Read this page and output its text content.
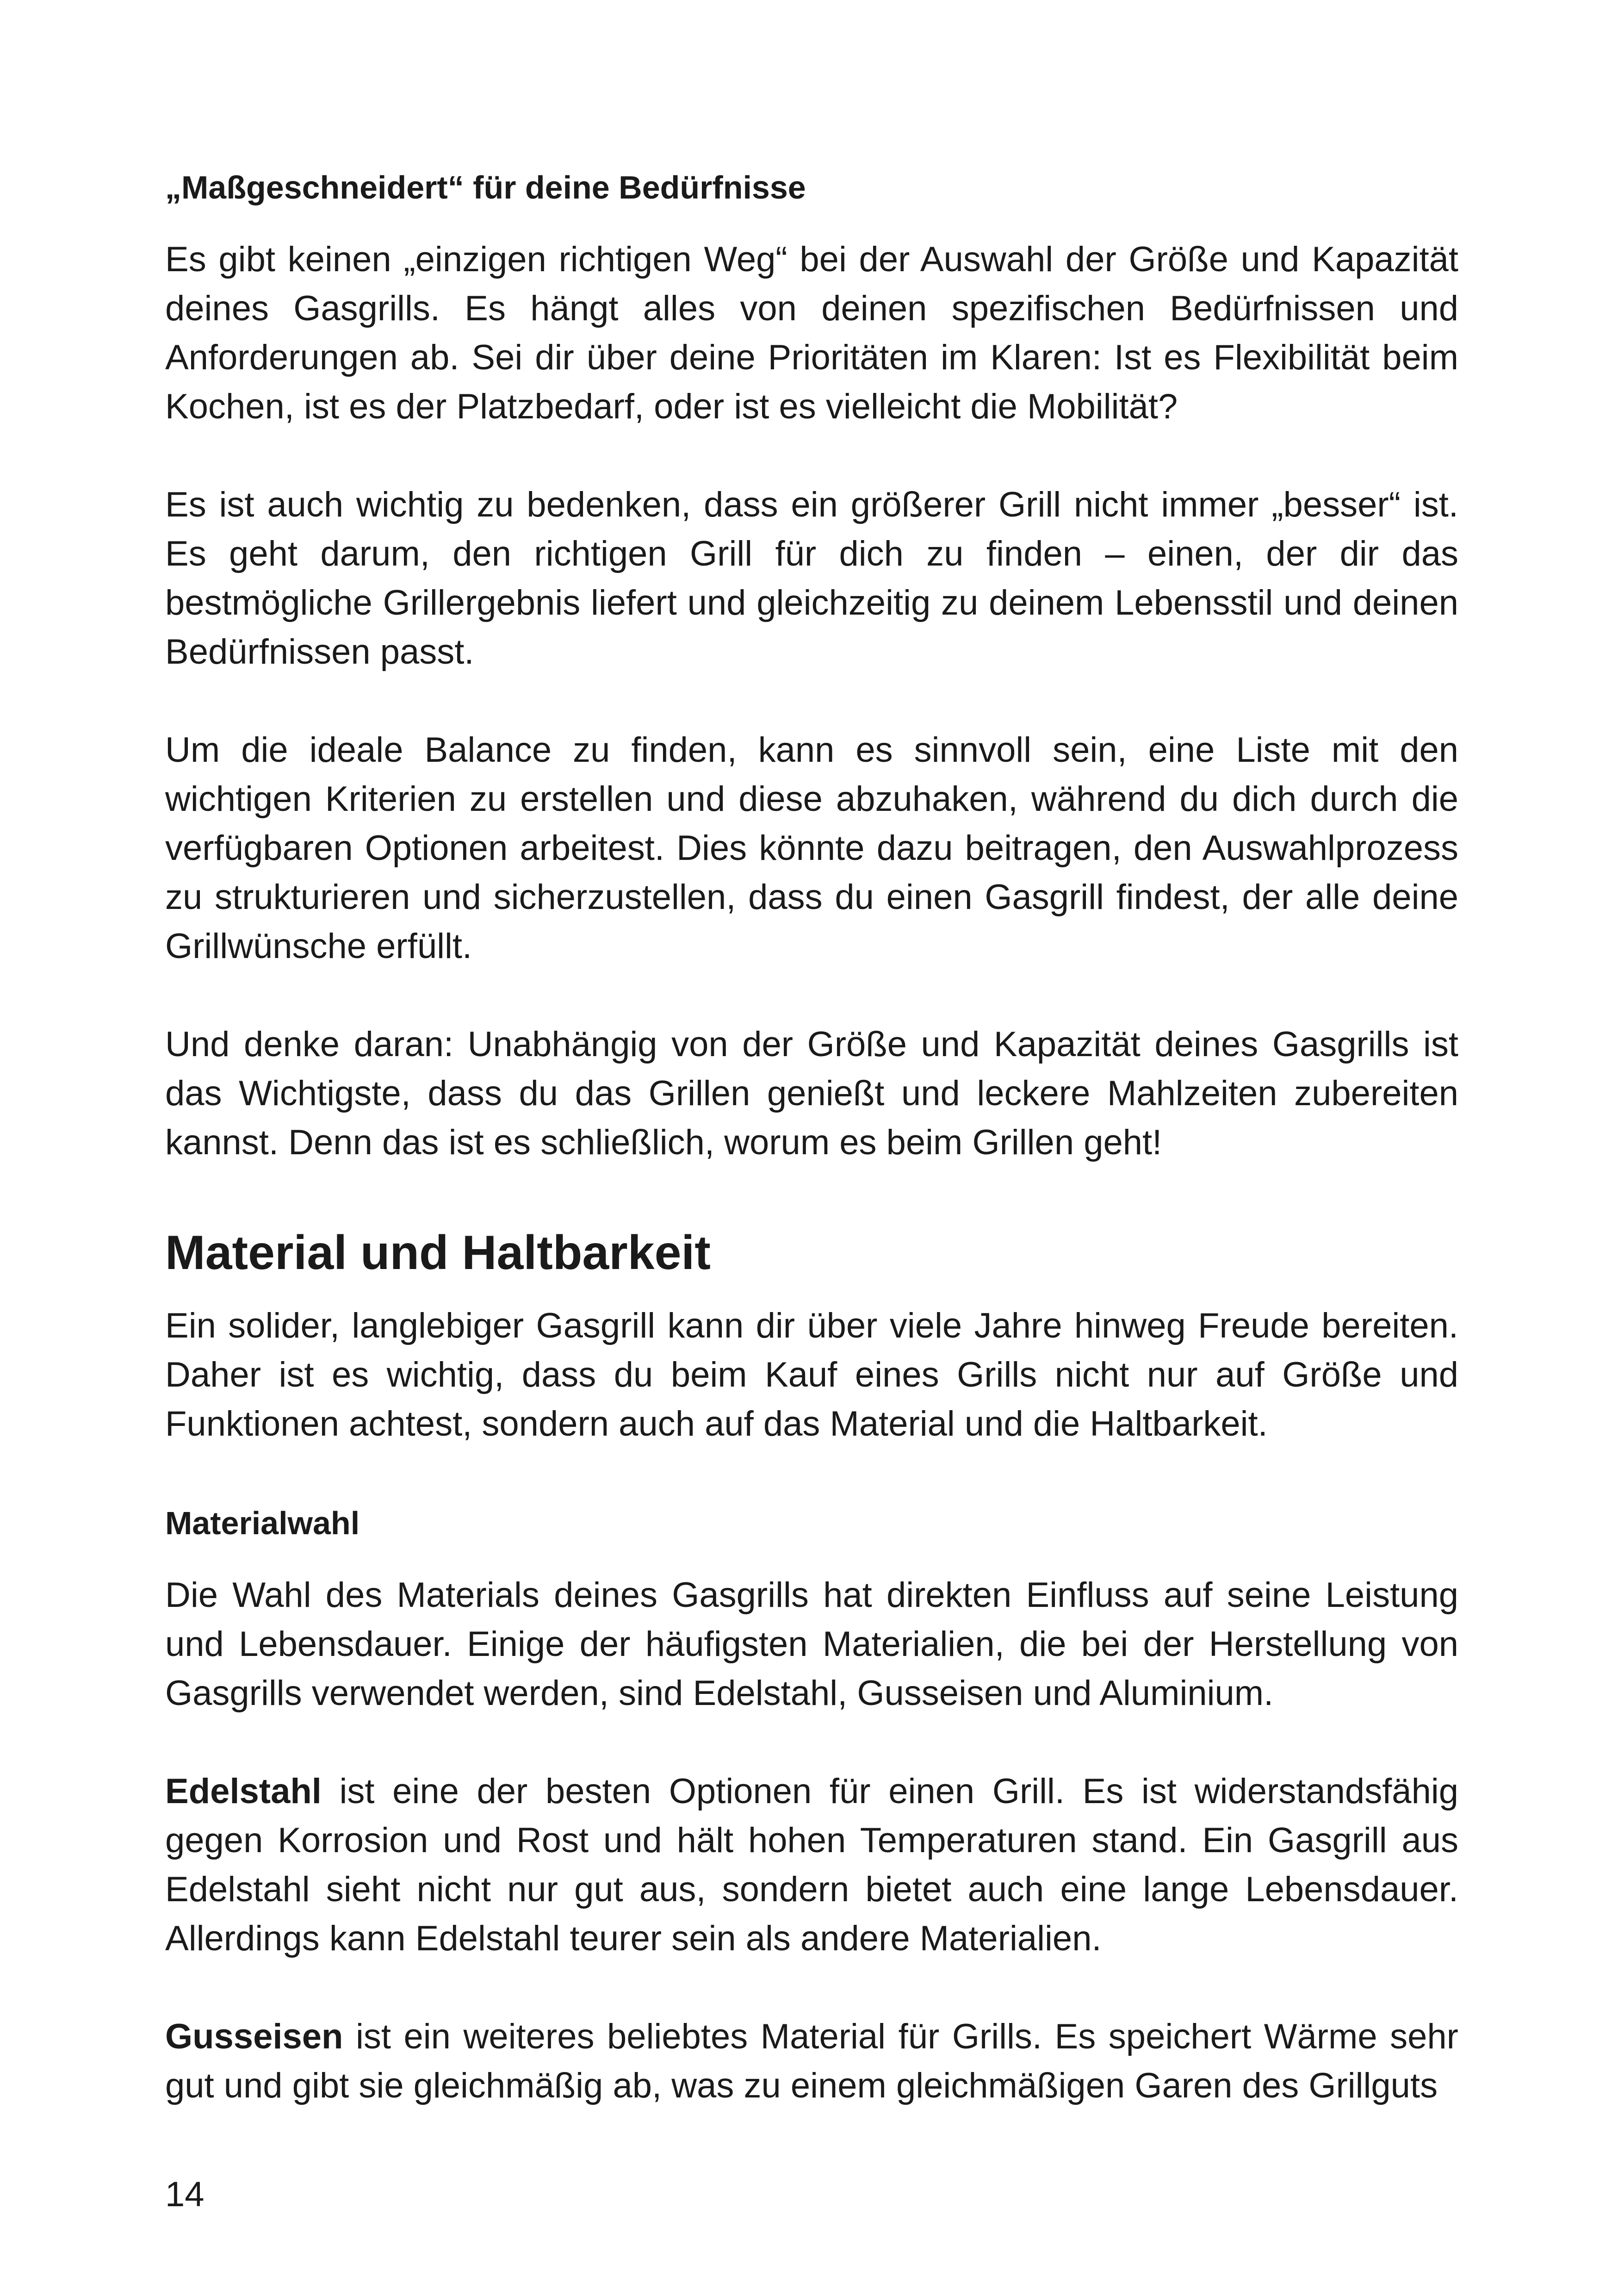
„Maßgeschneidert“ für deine Bedürfnisse

Es gibt keinen „einzigen richtigen Weg“ bei der Auswahl der Größe und Kapazität deines Gasgrills. Es hängt alles von deinen spezifischen Bedürfnissen und Anforderungen ab. Sei dir über deine Prioritäten im Klaren: Ist es Flexibilität beim Kochen, ist es der Platzbedarf, oder ist es vielleicht die Mobilität?

Es ist auch wichtig zu bedenken, dass ein größerer Grill nicht immer „besser“ ist. Es geht darum, den richtigen Grill für dich zu finden – einen, der dir das bestmögliche Grillergebnis liefert und gleichzeitig zu deinem Lebensstil und deinen Bedürfnissen passt.

Um die ideale Balance zu finden, kann es sinnvoll sein, eine Liste mit den wichtigen Kriterien zu erstellen und diese abzuhaken, während du dich durch die verfügbaren Optionen arbeitest. Dies könnte dazu beitragen, den Auswahlprozess zu strukturieren und sicherzustellen, dass du einen Gasgrill findest, der alle deine Grillwünsche erfüllt.

Und denke daran: Unabhängig von der Größe und Kapazität deines Gasgrills ist das Wichtigste, dass du das Grillen genießt und leckere Mahlzeiten zubereiten kannst. Denn das ist es schließlich, worum es beim Grillen geht!

Material und Haltbarkeit

Ein solider, langlebiger Gasgrill kann dir über viele Jahre hinweg Freude bereiten. Daher ist es wichtig, dass du beim Kauf eines Grills nicht nur auf Größe und Funktionen achtest, sondern auch auf das Material und die Haltbarkeit.

Materialwahl

Die Wahl des Materials deines Gasgrills hat direkten Einfluss auf seine Leistung und Lebensdauer. Einige der häufigsten Materialien, die bei der Herstellung von Gasgrills verwendet werden, sind Edelstahl, Gusseisen und Aluminium.

Edelstahl ist eine der besten Optionen für einen Grill. Es ist widerstandsfähig gegen Korrosion und Rost und hält hohen Temperaturen stand. Ein Gasgrill aus Edelstahl sieht nicht nur gut aus, sondern bietet auch eine lange Lebensdauer. Allerdings kann Edelstahl teurer sein als andere Materialien.

Gusseisen ist ein weiteres beliebtes Material für Grills. Es speichert Wärme sehr gut und gibt sie gleichmäßig ab, was zu einem gleichmäßigen Garen des Grillguts

14
